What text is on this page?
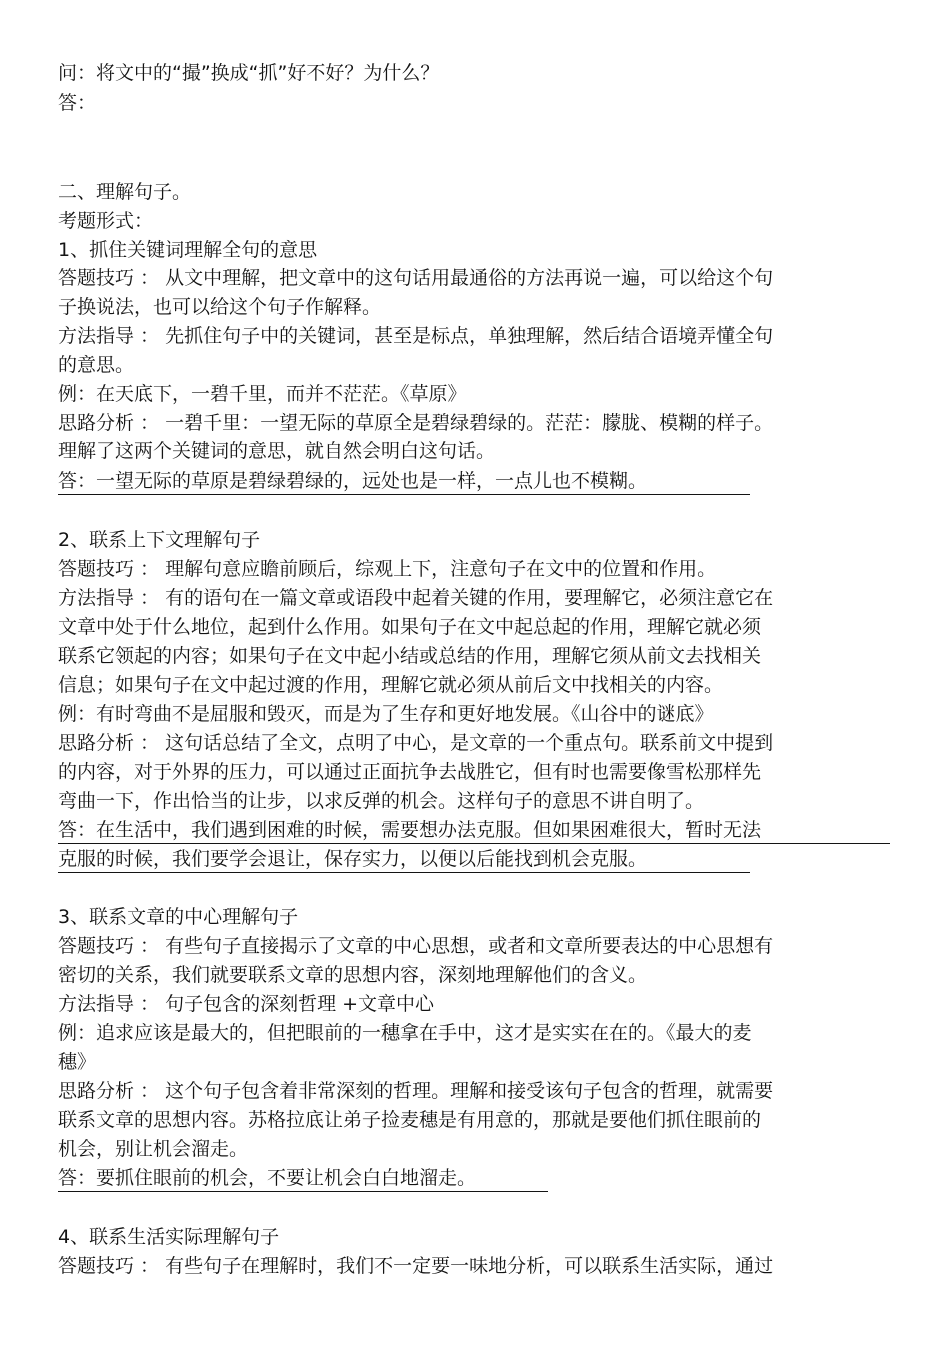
问：将文中的“撮”换成“抓”好不好？为什么？
答：
二、理解句子。
考题形式：
1、抓住关键词理解全句的意思
答题技巧 ： 从文中理解，把文章中的这句话用最通俗的方法再说一遍，可以给这个句
子换说法，也可以给这个句子作解释。
方法指导 ： 先抓住句子中的关键词，甚至是标点，单独理解，然后结合语境弄懂全句
的意思。
例：在天底下，一碧千里，而并不茫茫。《草原》
思路分析 ： 一碧千里：一望无际的草原全是碧绿碧绿的。茫茫：朦胧、模糊的样子。
理解了这两个关键词的意思，就自然会明白这句话。
答：一望无际的草原是碧绿碧绿的，远处也是一样，一点儿也不模糊。
2、联系上下文理解句子
答题技巧 ： 理解句意应瞻前顾后，综观上下，注意句子在文中的位置和作用。
方法指导 ： 有的语句在一篇文章或语段中起着关键的作用，要理解它，必须注意它在
文章中处于什么地位，起到什么作用。如果句子在文中起总起的作用，理解它就必须
联系它领起的内容；如果句子在文中起小结或总结的作用，理解它须从前文去找相关
信息；如果句子在文中起过渡的作用，理解它就必须从前后文中找相关的内容。
例：有时弯曲不是屈服和毁灭，而是为了生存和更好地发展。《山谷中的谜底》
思路分析 ： 这句话总结了全文，点明了中心，是文章的一个重点句。联系前文中提到
的内容，对于外界的压力，可以通过正面抗争去战胜它，但有时也需要像雪松那样先
弯曲一下，作出恰当的让步，以求反弹的机会。这样句子的意思不讲自明了。
答：在生活中，我们遇到困难的时候，需要想办法克服。但如果困难很大，暂时无法
克服的时候，我们要学会退让，保存实力，以便以后能找到机会克服。
3、联系文章的中心理解句子
答题技巧 ： 有些句子直接揭示了文章的中心思想，或者和文章所要表达的中心思想有
密切的关系，我们就要联系文章的思想内容，深刻地理解他们的含义。
方法指导 ： 句子包含的深刻哲理 +文章中心
例：追求应该是最大的，但把眼前的一穗拿在手中，这才是实实在在的。《最大的麦
穗》
思路分析 ： 这个句子包含着非常深刻的哲理。理解和接受该句子包含的哲理，就需要
联系文章的思想内容。苏格拉底让弟子捡麦穗是有用意的，那就是要他们抓住眼前的
机会，别让机会溜走。
答：要抓住眼前的机会，不要让机会白白地溜走。
4、联系生活实际理解句子
答题技巧 ： 有些句子在理解时，我们不一定要一味地分析，可以联系生活实际，通过
